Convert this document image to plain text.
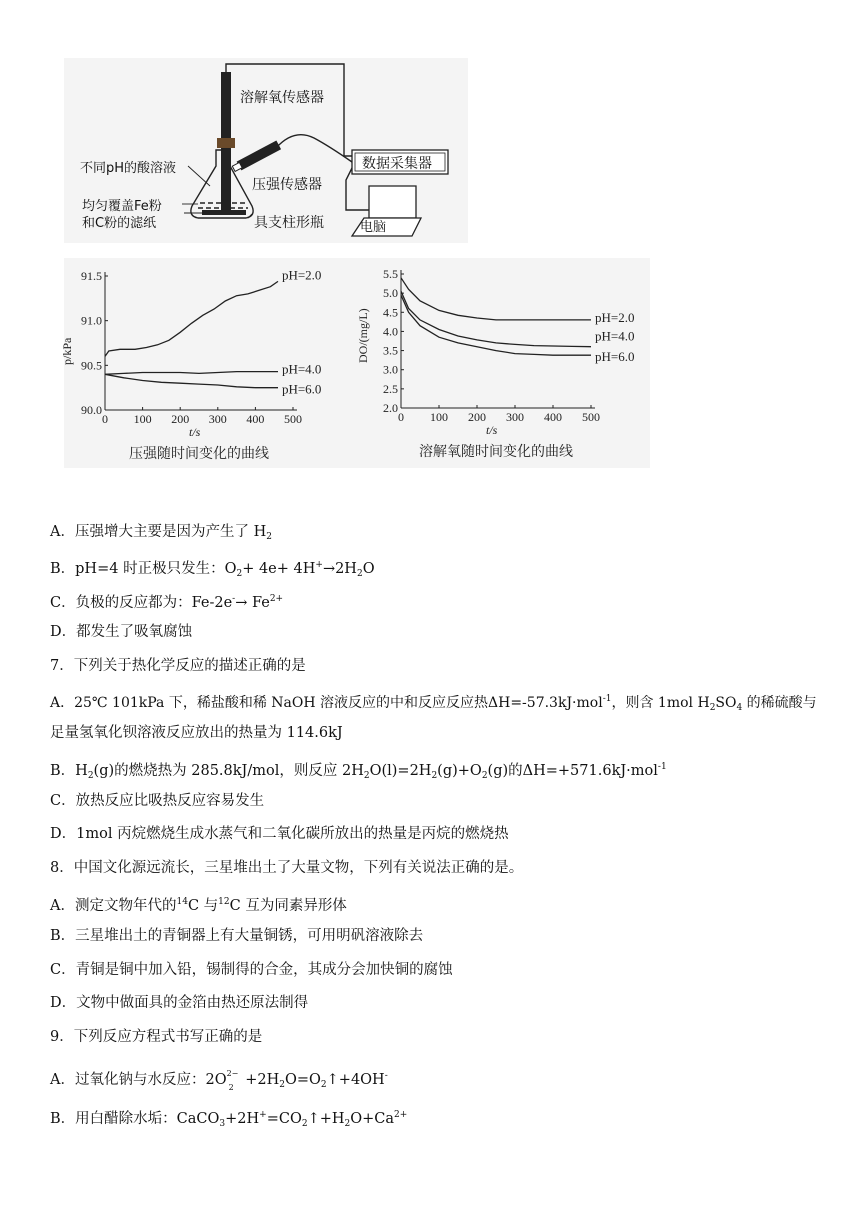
溶解氧传感器
不同pH的酸溶液
均匀覆盖Fe粉
和C粉的滤纸
压强传感器
数据采集器
具支柱形瓶	电脑
0 100 200 300 400 500
90.0
90.5
91.0
91.5
t/s
p/kPa
压强随时间变化的曲线
pH=2.0
pH=4.0
pH=6.0
0 100 200 300 400 500
2.0
2.5
3.0
3.5
4.0
4.5
5.0
5.5
t/s
DO/(mg/L)
溶解氧随时间变化的曲线
pH=2.0
pH=4.0
pH=6.0
A．压强增大主要是因为产生了 $H_2$
B．pH=4 时正极只发生：$O_2+ 4e+ 4H^+\to 2H_2O$
C．负极的反应都为：$Fe-2e^-\to Fe^{2+}$
D．都发生了吸氧腐蚀
7．下列关于热化学反应的描述正确的是
A．25℃ 101kPa 下，稀盐酸和稀 NaOH 溶液反应的中和反应反应热ΔH=-57.3kJ·mol$^{-1}$，则含 1mol $H_2SO_4$ 的稀硫酸与
足量氢氧化钡溶液反应放出的热量为 114.6kJ
B．$H_2(g)$的燃烧热为 285.8kJ/mol，则反应 $2H_2O(l)=2H_2(g)+O_2(g)$的ΔH=+571.6kJ·mol$^{-1}$
C．放热反应比吸热反应容易发生
D．1mol 丙烷燃烧生成水蒸气和二氧化碳所放出的热量是丙烷的燃烧热
8．中国文化源远流长，三星堆出土了大量文物，下列有关说法正确的是。
A．测定文物年代的$^{14}$C 与$^{12}$C 互为同素异形体
B．三星堆出土的青铜器上有大量铜锈，可用明矾溶液除去
C．青铜是铜中加入铅，锡制得的合金，其成分会加快铜的腐蚀
D．文物中做面具的金箔由热还原法制得
9．下列反应方程式书写正确的是
A．过氧化钠与水反应：2O 2−
$2 +2H_2O=O_2↑+4OH^-$
B．用白醋除水垢：$CaCO_3+2H^+=CO_2↑+H_2O+Ca^{2+}$
